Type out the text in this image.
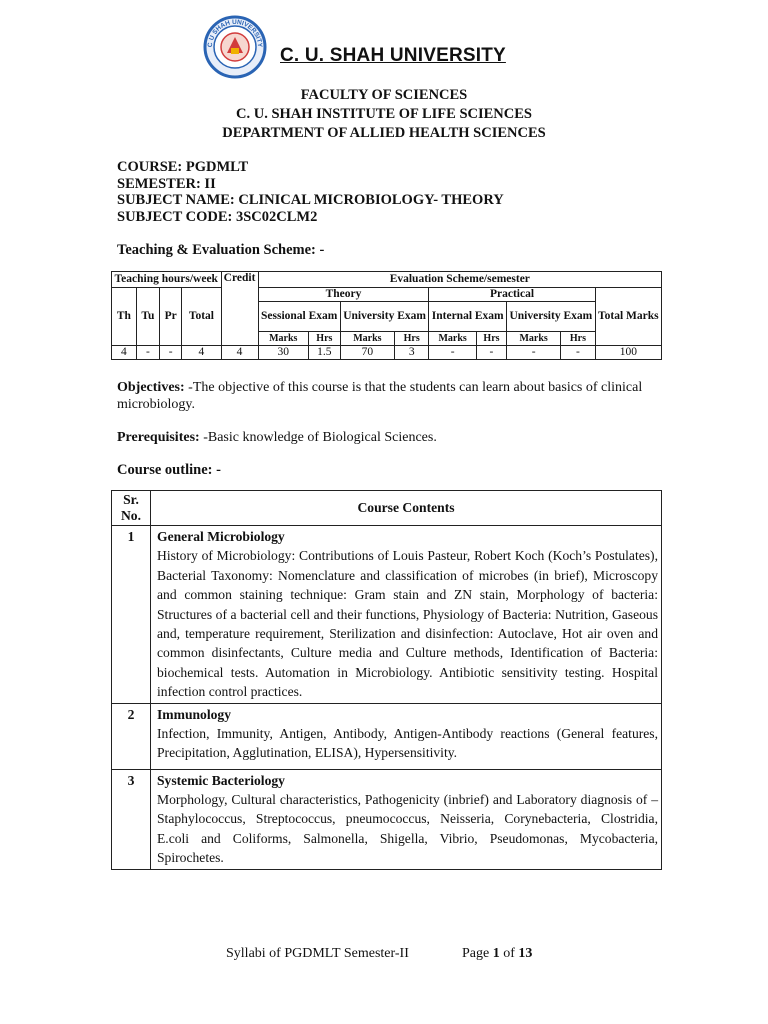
C U SHAH UNIVERSITY C. U. SHAH UNIVERSITY
FACULTY OF SCIENCES
C. U. SHAH INSTITUTE OF LIFE SCIENCES
DEPARTMENT OF ALLIED HEALTH SCIENCES
COURSE: PGDMLT
SEMESTER: II
SUBJECT NAME: CLINICAL MICROBIOLOGY- THEORY
SUBJECT CODE: 3SC02CLM2
Teaching & Evaluation Scheme: -
Teaching hours/week				Credit	Evaluation Scheme/semester								
Th	Tu	Pr	Total		Theory				Practical				Total Marks
					Sessional Exam		University Exam		Internal Exam		University Exam		
					Marks	Hrs	Marks	Hrs	Marks	Hrs	Marks	Hrs	
4	-	-	4	4	30	1.5	70	3	-	-	-	-	100
Objectives: -The objective of this course is that the students can learn about basics of clinical microbiology.
Prerequisites: -Basic knowledge of Biological Sciences.
Course outline: -
Sr. No.	Course Contents
1	General Microbiology
History of Microbiology: Contributions of Louis Pasteur, Robert Koch (Koch’s Postulates), Bacterial Taxonomy: Nomenclature and classification of microbes (in brief), Microscopy and common staining technique: Gram stain and ZN stain, Morphology of bacteria: Structures of a bacterial cell and their functions, Physiology of Bacteria: Nutrition, Gaseous and, temperature requirement, Sterilization and disinfection: Autoclave, Hot air oven and common disinfectants, Culture media and Culture methods, Identification of Bacteria: biochemical tests. Automation in Microbiology. Antibiotic sensitivity testing. Hospital infection control practices.
2	Immunology
Infection, Immunity, Antigen, Antibody, Antigen-Antibody reactions (General features, Precipitation, Agglutination, ELISA), Hypersensitivity.
3	Systemic Bacteriology
Morphology, Cultural characteristics, Pathogenicity (inbrief) and Laboratory diagnosis of – Staphylococcus, Streptococcus, pneumococcus, Neisseria, Corynebacteria, Clostridia, E.coli and Coliforms, Salmonella, Shigella, Vibrio, Pseudomonas, Mycobacteria, Spirochetes.
Syllabi of PGDMLT Semester-II	Page 1 of 13
